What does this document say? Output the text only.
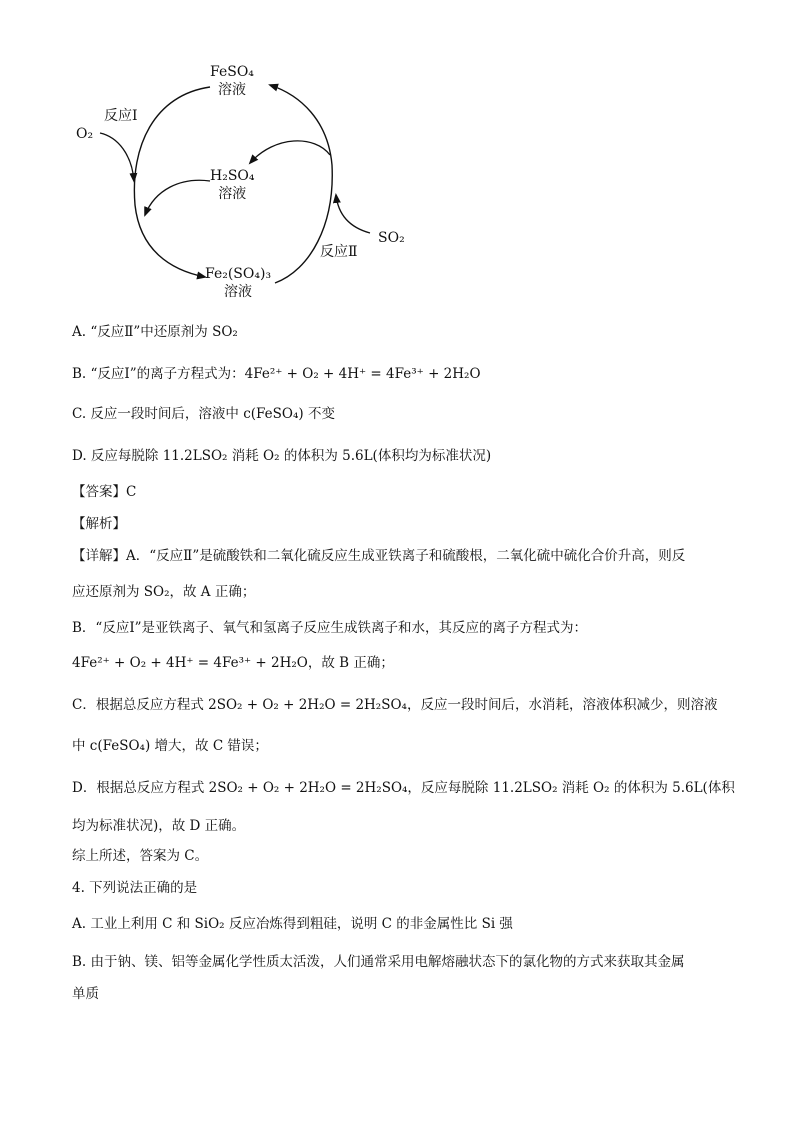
FeSO₄
溶液
H₂SO₄
溶液
Fe₂(SO₄)₃
溶液
O₂
SO₂
反应Ⅰ
反应Ⅱ
A. “反应Ⅱ”中还原剂为 SO₂
B. “反应Ⅰ”的离子方程式为：4Fe²⁺ + O₂ + 4H⁺ = 4Fe³⁺ + 2H₂O
C. 反应一段时间后，溶液中 c(FeSO₄) 不变
D. 反应每脱除 11.2LSO₂ 消耗 O₂ 的体积为 5.6L(体积均为标准状况)
【答案】C
【解析】
【详解】A．“反应Ⅱ”是硫酸铁和二氧化硫反应生成亚铁离子和硫酸根，二氧化硫中硫化合价升高，则反
应还原剂为 SO₂，故 A 正确；
B．“反应Ⅰ”是亚铁离子、氧气和氢离子反应生成铁离子和水，其反应的离子方程式为：
4Fe²⁺ + O₂ + 4H⁺ = 4Fe³⁺ + 2H₂O，故 B 正确；
C．根据总反应方程式 2SO₂ + O₂ + 2H₂O = 2H₂SO₄，反应一段时间后，水消耗，溶液体积减少，则溶液
中 c(FeSO₄) 增大，故 C 错误；
D．根据总反应方程式 2SO₂ + O₂ + 2H₂O = 2H₂SO₄，反应每脱除 11.2LSO₂ 消耗 O₂ 的体积为 5.6L(体积
均为标准状况)，故 D 正确。
综上所述，答案为 C。
4. 下列说法正确的是
A. 工业上利用 C 和 SiO₂ 反应冶炼得到粗硅，说明 C 的非金属性比 Si 强
B. 由于钠、镁、铝等金属化学性质太活泼，人们通常采用电解熔融状态下的氯化物的方式来获取其金属
单质
